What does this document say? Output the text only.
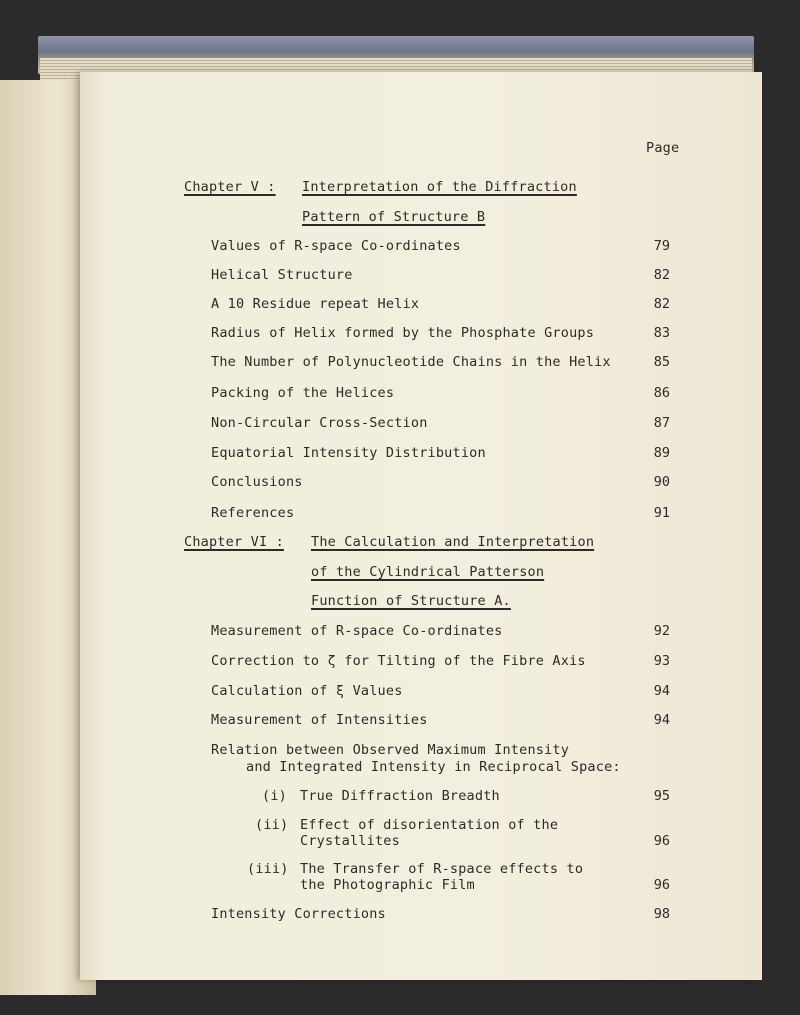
Page
Chapter V : Interpretation of the Diffraction
Pattern of Structure B
Values of R-space Co-ordinates	79
Helical Structure	82
A 10 Residue repeat Helix	82
Radius of Helix formed by the Phosphate Groups	83
The Number of Polynucleotide Chains in the Helix	85
Packing of the Helices	86
Non-Circular Cross-Section	87
Equatorial Intensity Distribution	89
Conclusions	90
References	91
Chapter VI : The Calculation and Interpretation
of the Cylindrical Patterson
Function of Structure A.
Measurement of R-space Co-ordinates	92
Correction to ζ for Tilting of the Fibre Axis	93
Calculation of ξ Values	94
Measurement of Intensities	94
Relation between Observed Maximum Intensity
and Integrated Intensity in Reciprocal Space:
(i) True Diffraction Breadth	95
(ii) Effect of disorientation of the
Crystallites	96
(iii) The Transfer of R-space effects to
the Photographic Film	96
Intensity Corrections	98
